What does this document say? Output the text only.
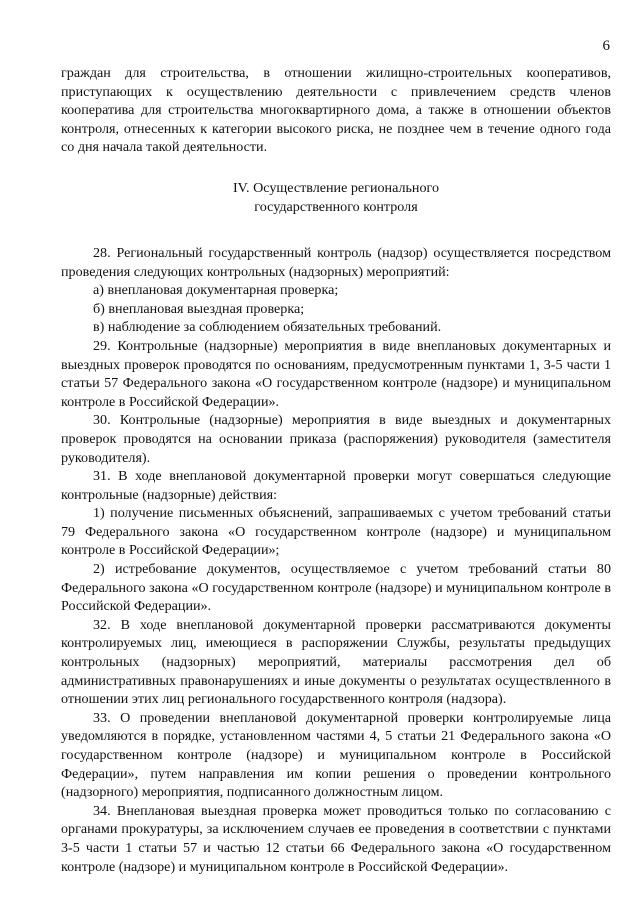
6

граждан для строительства, в отношении жилищно-строительных кооперативов, приступающих к осуществлению деятельности с привлечением средств членов кооператива для строительства многоквартирного дома, а также в отношении объектов контроля, отнесенных к категории высокого риска, не позднее чем в течение одного года со дня начала такой деятельности.

IV. Осуществление регионального
государственного контроля

28. Региональный государственный контроль (надзор) осуществляется посредством проведения следующих контрольных (надзорных) мероприятий:

а) внеплановая документарная проверка;

б) внеплановая выездная проверка;

в) наблюдение за соблюдением обязательных требований.

29. Контрольные (надзорные) мероприятия в виде внеплановых документарных и выездных проверок проводятся по основаниям, предусмотренным пунктами 1, 3-5 части 1 статьи 57 Федерального закона «О государственном контроле (надзоре) и муниципальном контроле в Российской Федерации».

30. Контрольные (надзорные) мероприятия в виде выездных и документарных проверок проводятся на основании приказа (распоряжения) руководителя (заместителя руководителя).

31. В ходе внеплановой документарной проверки могут совершаться следующие контрольные (надзорные) действия:

1) получение письменных объяснений, запрашиваемых с учетом требований статьи 79 Федерального закона «О государственном контроле (надзоре) и муниципальном контроле в Российской Федерации»;

2) истребование документов, осуществляемое с учетом требований статьи 80 Федерального закона «О государственном контроле (надзоре) и муниципальном контроле в Российской Федерации».

32. В ходе внеплановой документарной проверки рассматриваются документы контролируемых лиц, имеющиеся в распоряжении Службы, результаты предыдущих контрольных (надзорных) мероприятий, материалы рассмотрения дел об административных правонарушениях и иные документы о результатах осуществленного в отношении этих лиц регионального государственного контроля (надзора).

33. О проведении внеплановой документарной проверки контролируемые лица уведомляются в порядке, установленном частями 4, 5 статьи 21 Федерального закона «О государственном контроле (надзоре) и муниципальном контроле в Российской Федерации», путем направления им копии решения о проведении контрольного (надзорного) мероприятия, подписанного должностным лицом.

34. Внеплановая выездная проверка может проводиться только по согласованию с органами прокуратуры, за исключением случаев ее проведения в соответствии с пунктами 3-5 части 1 статьи 57 и частью 12 статьи 66 Федерального закона «О государственном контроле (надзоре) и муниципальном контроле в Российской Федерации».
